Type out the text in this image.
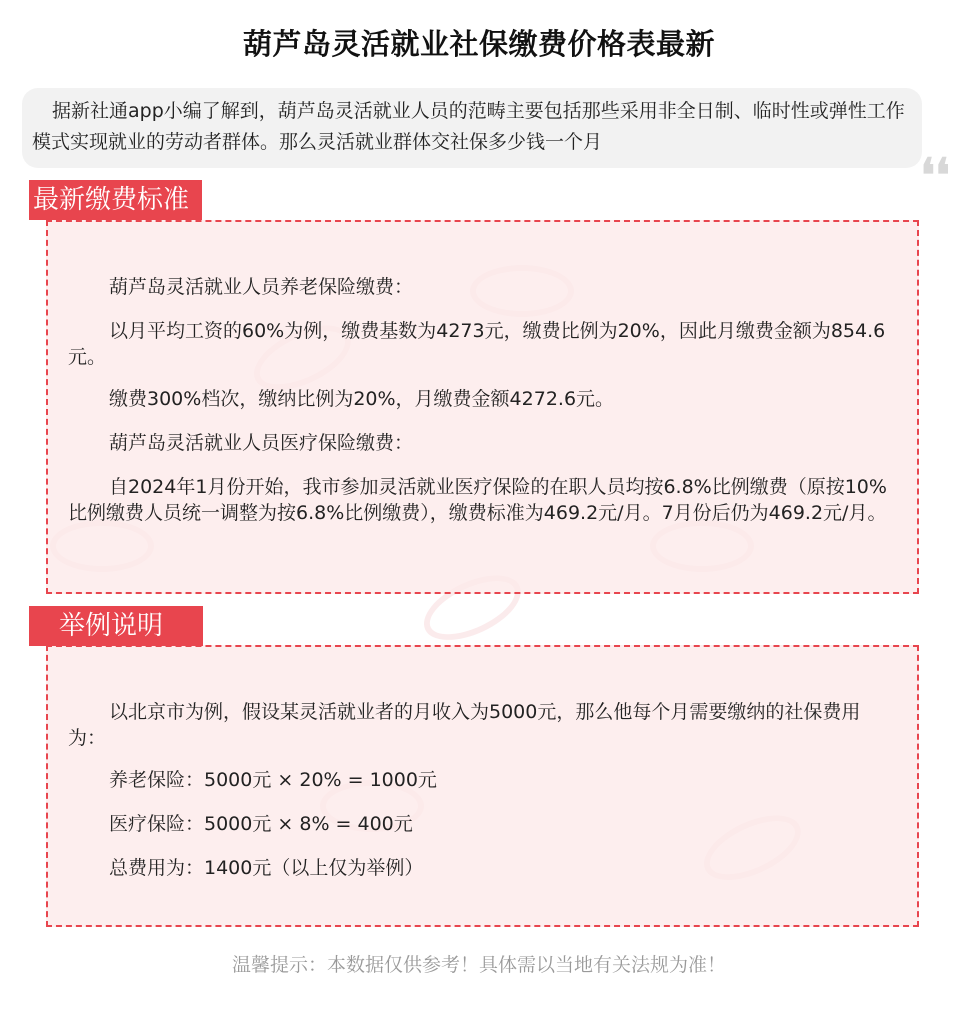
葫芦岛灵活就业社保缴费价格表最新

据新社通app小编了解到，葫芦岛灵活就业人员的范畴主要包括那些采用非全日制、临时性或弹性工作模式实现就业的劳动者群体。那么灵活就业群体交社保多少钱一个月

❛❛
最新缴费标准

葫芦岛灵活就业人员养老保险缴费：

以月平均工资的60%为例，缴费基数为4273元，缴费比例为20%，因此月缴费金额为854.6元。

缴费300%档次，缴纳比例为20%，月缴费金额4272.6元。

葫芦岛灵活就业人员医疗保险缴费：

自2024年1月份开始，我市参加灵活就业医疗保险的在职人员均按6.8%比例缴费（原按10%比例缴费人员统一调整为按6.8%比例缴费），缴费标准为469.2元/月。7月份后仍为469.2元/月。

举例说明

以北京市为例，假设某灵活就业者的月收入为5000元，那么他每个月需要缴纳的社保费用为：

养老保险：5000元 × 20% = 1000元

医疗保险：5000元 × 8% = 400元

总费用为：1400元（以上仅为举例）

温馨提示：本数据仅供参考！具体需以当地有关法规为准！
